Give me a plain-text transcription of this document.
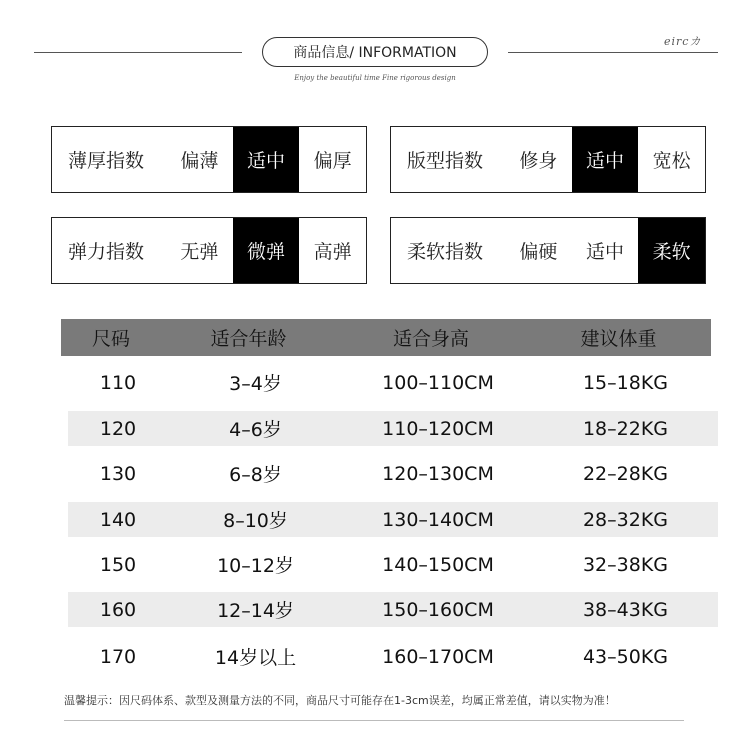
商品信息/ INFORMATION
eircカ
Enjoy the beautiful time Fine rigorous design
薄厚指数	偏薄	适中	偏厚	版型指数	修身	适中	宽松
弹力指数	无弹	微弹	高弹	柔软指数	偏硬	适中	柔软
尺码	适合年龄	适合身高	建议体重
110	3–4岁	100–110CM	15–18KG
120	4–6岁	110–120CM	18–22KG
130	6–8岁	120–130CM	22–28KG
140	8–10岁	130–140CM	28–32KG
150	10–12岁	140–150CM	32–38KG
160	12–14岁	150–160CM	38–43KG
170	14岁以上	160–170CM	43–50KG
温馨提示：因尺码体系、款型及测量方法的不同，商品尺寸可能存在1-3cm误差，均属正常差值，请以实物为准！
